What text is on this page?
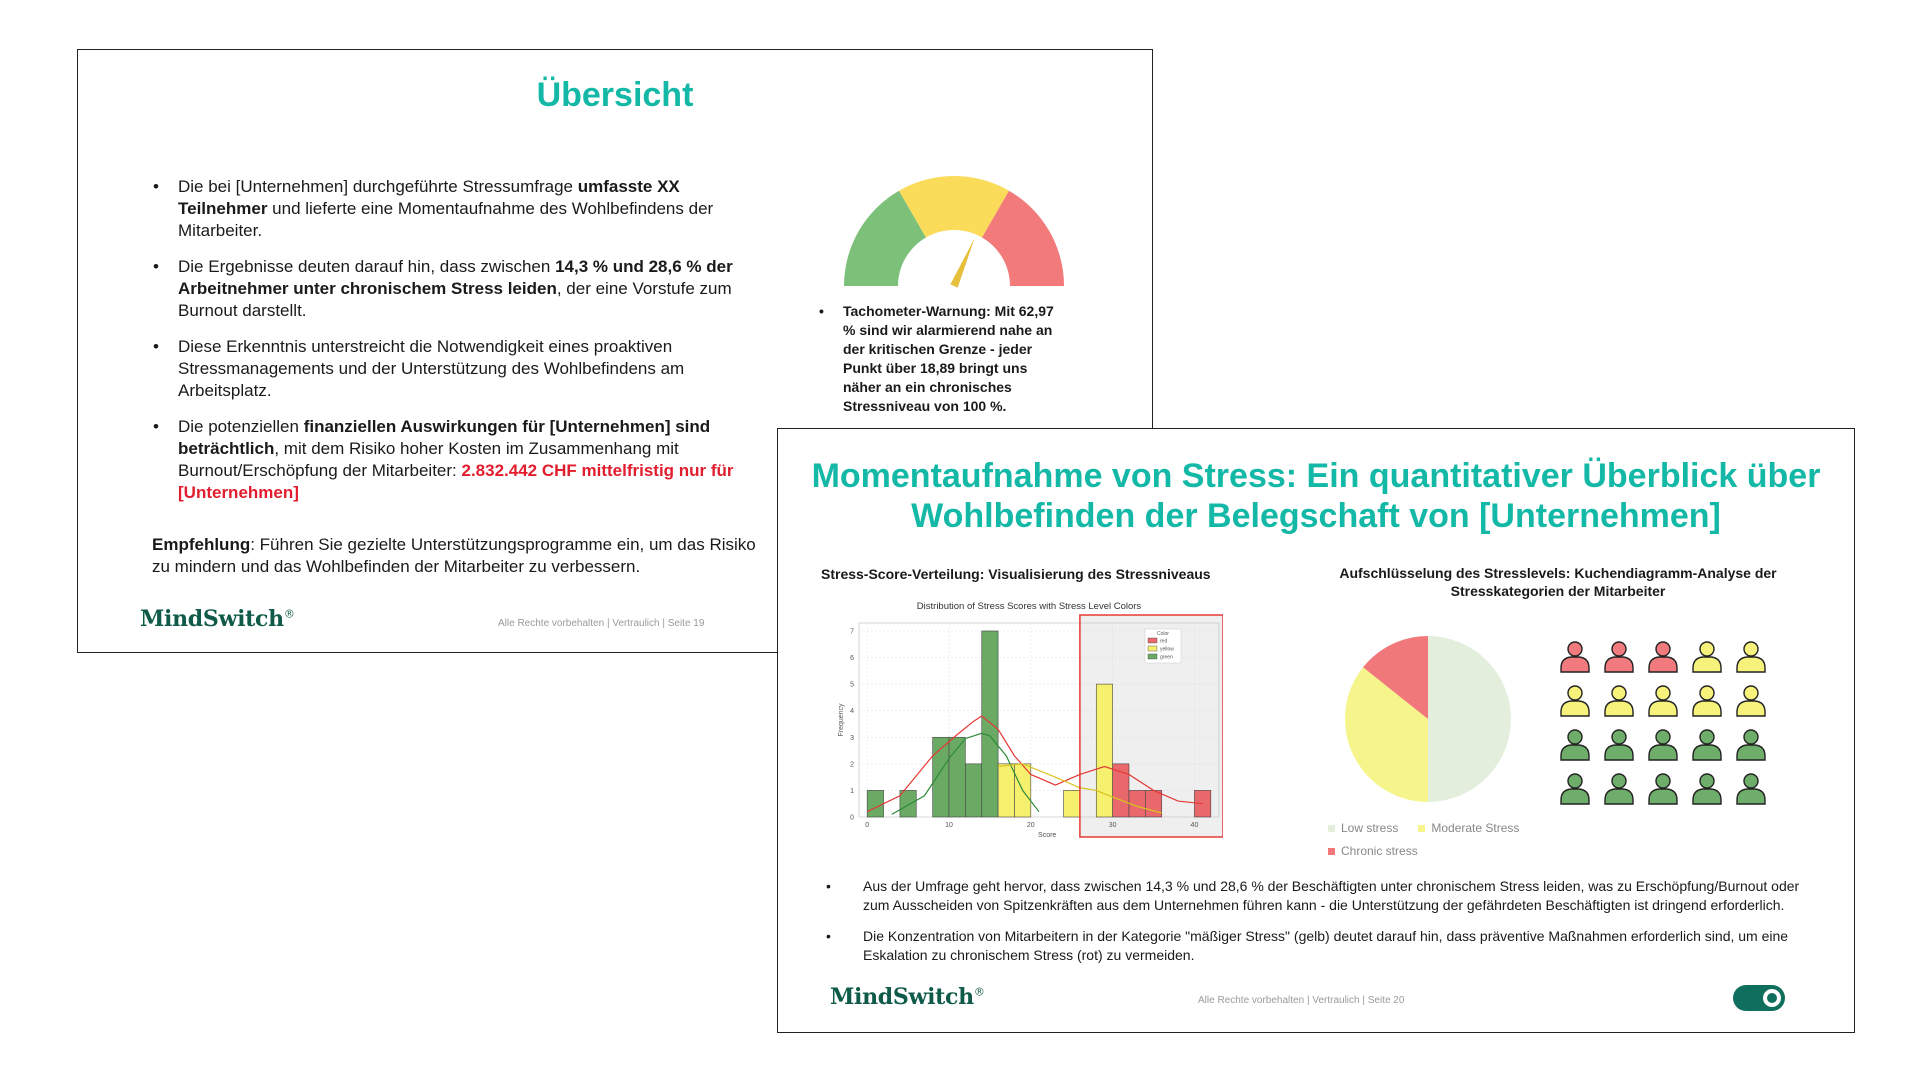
Übersicht
• Die bei [Unternehmen] durchgeführte Stressumfrage umfasste XX Teilnehmer und lieferte eine Momentaufnahme des Wohlbefindens der Mitarbeiter.
• Die Ergebnisse deuten darauf hin, dass zwischen 14,3 % und 28,6 % der Arbeitnehmer unter chronischem Stress leiden, der eine Vorstufe zum Burnout darstellt.
• Diese Erkenntnis unterstreicht die Notwendigkeit eines proaktiven Stressmanagements und der Unterstützung des Wohlbefindens am Arbeitsplatz.
• Die potenziellen finanziellen Auswirkungen für [Unternehmen] sind beträchtlich, mit dem Risiko hoher Kosten im Zusammenhang mit Burnout/Erschöpfung der Mitarbeiter: 2.832.442 CHF mittelfristig nur für [Unternehmen]
Empfehlung: Führen Sie gezielte Unterstützungsprogramme ein, um das Risiko zu mindern und das Wohlbefinden der Mitarbeiter zu verbessern.
• Tachometer-Warnung: Mit 62,97 % sind wir alarmierend nahe an der kritischen Grenze - jeder Punkt über 18,89 bringt uns näher an ein chronisches Stressniveau von 100 %.
MindSwitch®
Alle Rechte vorbehalten | Vertraulich | Seite 19
Momentaufnahme von Stress: Ein quantitativer Überblick über Wohlbefinden der Belegschaft von [Unternehmen]
Stress-Score-Verteilung: Visualisierung des Stressniveaus	Aufschlüsselung des Stresslevels: Kuchendiagramm-Analyse der Stresskategorien der Mitarbeiter
Distribution of Stress Scores with Stress Level Colors
0
1
2
3
4
5
6
7
0	10	20	30	40
Score
Frequency
Color
red
yellow
green
Low stress	Moderate Stress
Chronic stress
• Aus der Umfrage geht hervor, dass zwischen 14,3 % und 28,6 % der Beschäftigten unter chronischem Stress leiden, was zu Erschöpfung/Burnout oder zum Ausscheiden von Spitzenkräften aus dem Unternehmen führen kann - die Unterstützung der gefährdeten Beschäftigten ist dringend erforderlich.
• Die Konzentration von Mitarbeitern in der Kategorie "mäßiger Stress" (gelb) deutet darauf hin, dass präventive Maßnahmen erforderlich sind, um eine Eskalation zu chronischem Stress (rot) zu vermeiden.
MindSwitch®
Alle Rechte vorbehalten | Vertraulich | Seite 20
